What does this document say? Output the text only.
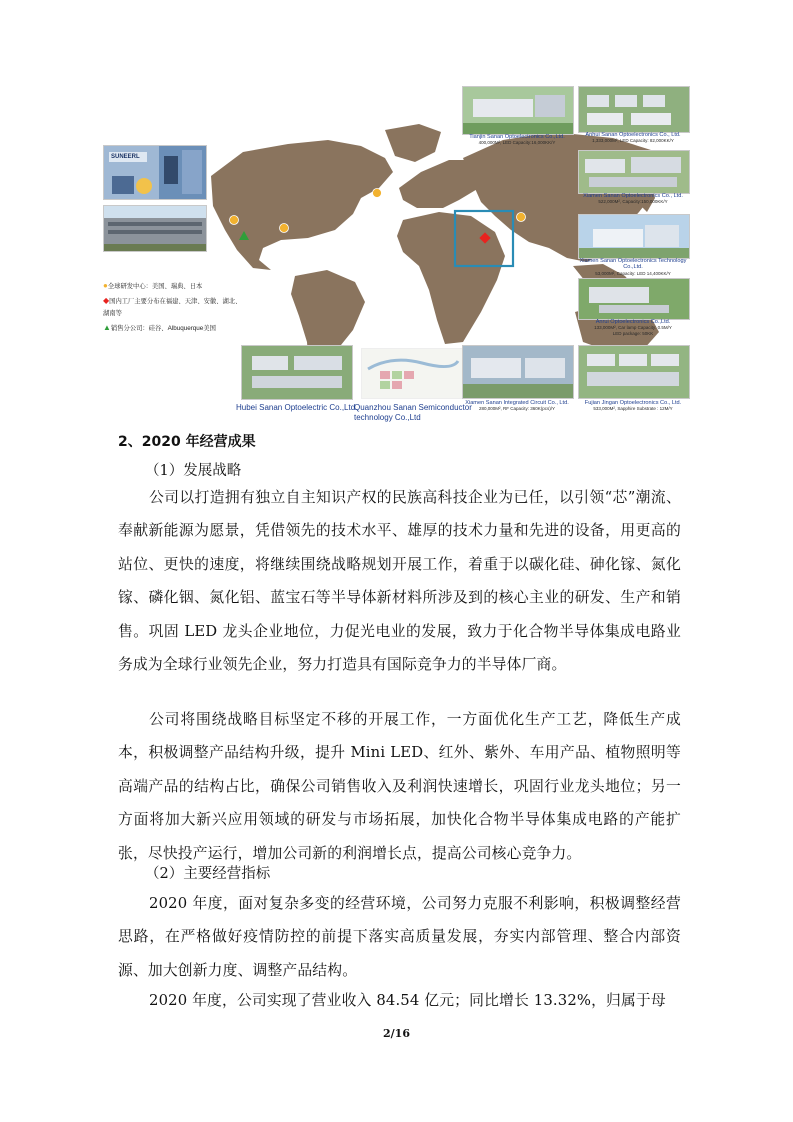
SUNEERL
●全球研发中心：美国、瑞典、日本
◆国内工厂主要分布在福建、天津、安徽、湖北、湖南等
▲销售分公司：硅谷、Albuquerque美国
Tianjin Sanan Optoelectronics Co.,Ltd.
400,000M², LED Capacity:16,000KK/Y
Anhui Sanan Optoelectronics Co., Ltd.
1,333,000M², LED Capacity: 82,000KK/Y
Xiamen Sanan Optoelectronics Co., Ltd.
522,000M², Capacity:150,000KK/Y
Xiamen Sanan Optoelectronics Technology Co.,Ltd.
53,000M², Capacity: LED 14,400KK/Y
Anrui Optoelectronics Co.,Ltd.
133,000M², Car lamp Capacity: 0.5M/Y
LED package: 50KK
Hubei Sanan Optoelectric Co.,Ltd.
Quanzhou Sanan Semiconductor
technology Co.,Ltd
Xiamen Sanan Integrated Circuit Co., Ltd.
280,000M², RF Capacity: 360K(pcs)/Y
Fujian Jingan Optoelectronics Co., Ltd.
533,000M², Sapphire Substrate : 12M/Y
2、2020 年经营成果
（1）发展战略

公司以打造拥有独立自主知识产权的民族高科技企业为已任，以引领“芯”潮流、奉献新能源为愿景，凭借领先的技术水平、雄厚的技术力量和先进的设备，用更高的站位、更快的速度，将继续围绕战略规划开展工作，着重于以碳化硅、砷化镓、氮化镓、磷化铟、氮化铝、蓝宝石等半导体新材料所涉及到的核心主业的研发、生产和销售。巩固 LED 龙头企业地位，力促光电业的发展，致力于化合物半导体集成电路业务成为全球行业领先企业，努力打造具有国际竞争力的半导体厂商。

公司将围绕战略目标坚定不移的开展工作，一方面优化生产工艺，降低生产成本，积极调整产品结构升级，提升 Mini LED、红外、紫外、车用产品、植物照明等高端产品的结构占比，确保公司销售收入及利润快速增长，巩固行业龙头地位；另一方面将加大新兴应用领域的研发与市场拓展，加快化合物半导体集成电路的产能扩张，尽快投产运行，增加公司新的利润增长点，提高公司核心竞争力。

（2）主要经营指标

2020 年度，面对复杂多变的经营环境，公司努力克服不利影响，积极调整经营思路，在严格做好疫情防控的前提下落实高质量发展，夯实内部管理、整合内部资源、加大创新力度、调整产品结构。

2020 年度，公司实现了营业收入 84.54 亿元；同比增长 13.32%，归属于母

2/16
